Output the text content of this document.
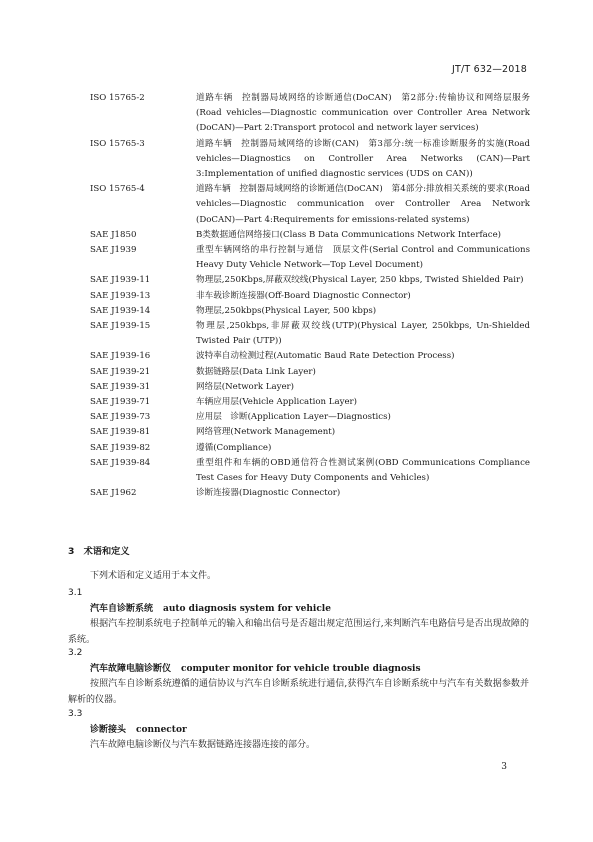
JT/T 632—2018
ISO 15765-2	道路车辆　控制器局域网络的诊断通信(DoCAN)　第2部分:传输协议和网络层服务(Road vehicles—Diagnostic communication over Controller Area Network (DoCAN)—Part 2:Transport protocol and network layer services)
ISO 15765-3	道路车辆　控制器局域网络的诊断(CAN)　第3部分:统一标准诊断服务的实施(Road vehicles—Diagnostics on Controller Area Networks (CAN)—Part 3:Implementation of unified diagnostic services (UDS on CAN))
ISO 15765-4	道路车辆　控制器局域网络的诊断通信(DoCAN)　第4部分:排放相关系统的要求(Road vehicles—Diagnostic communication over Controller Area Network (DoCAN)—Part 4:Requirements for emissions-related systems)
SAE J1850	B类数据通信网络接口(Class B Data Communications Network Interface)
SAE J1939	重型车辆网络的串行控制与通信　顶层文件(Serial Control and Communications Heavy Duty Vehicle Network—Top Level Document)
SAE J1939-11	物理层,250Kbps,屏蔽双绞线(Physical Layer, 250 kbps, Twisted Shielded Pair)
SAE J1939-13	非车载诊断连接器(Off-Board Diagnostic Connector)
SAE J1939-14	物理层,250kbps(Physical Layer, 500 kbps)
SAE J1939-15	物理层,250kbps,非屏蔽双绞线(UTP)(Physical Layer, 250kbps, Un-Shielded Twisted Pair (UTP))
SAE J1939-16	波特率自动检测过程(Automatic Baud Rate Detection Process)
SAE J1939-21	数据链路层(Data Link Layer)
SAE J1939-31	网络层(Network Layer)
SAE J1939-71	车辆应用层(Vehicle Application Layer)
SAE J1939-73	应用层　诊断(Application Layer—Diagnostics)
SAE J1939-81	网络管理(Network Management)
SAE J1939-82	遵循(Compliance)
SAE J1939-84	重型组件和车辆的OBD通信符合性测试案例(OBD Communications Compliance Test Cases for Heavy Duty Components and Vehicles)
SAE J1962	诊断连接器(Diagnostic Connector)
3　术语和定义
下列术语和定义适用于本文件。
3.1
汽车自诊断系统 auto diagnosis system for vehicle
根据汽车控制系统电子控制单元的输入和输出信号是否超出规定范围运行,来判断汽车电路信号是否出现故障的系统。
3.2
汽车故障电脑诊断仪 computer monitor for vehicle trouble diagnosis
按照汽车自诊断系统遵循的通信协议与汽车自诊断系统进行通信,获得汽车自诊断系统中与汽车有关数据参数并解析的仪器。
3.3
诊断接头 connector
汽车故障电脑诊断仪与汽车数据链路连接器连接的部分。
3
